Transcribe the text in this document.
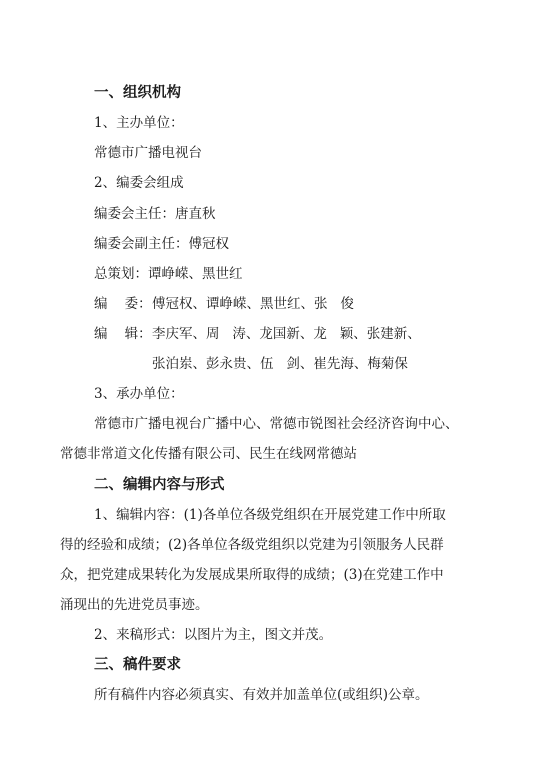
一、组织机构
1、主办单位：
常德市广播电视台
2、编委会组成
编委会主任：唐直秋
编委会副主任：傅冠权
总策划：谭峥嵘、黑世红
编    委：傅冠权、谭峥嵘、黑世红、张   俊
编    辑：李庆军、周   涛、龙国新、龙   颖、张建新、
张泊岽、彭永贵、伍   剑、崔先海、梅菊保
3、承办单位：
常德市广播电视台广播中心、常德市锐图社会经济咨询中心、
常德非常道文化传播有限公司、民生在线网常德站
二、编辑内容与形式
1、编辑内容：(1)各单位各级党组织在开展党建工作中所取
得的经验和成绩；(2)各单位各级党组织以党建为引领服务人民群
众，把党建成果转化为发展成果所取得的成绩；(3)在党建工作中
涌现出的先进党员事迹。
2、来稿形式：以图片为主，图文并茂。
三、稿件要求
所有稿件内容必须真实、有效并加盖单位(或组织)公章。
